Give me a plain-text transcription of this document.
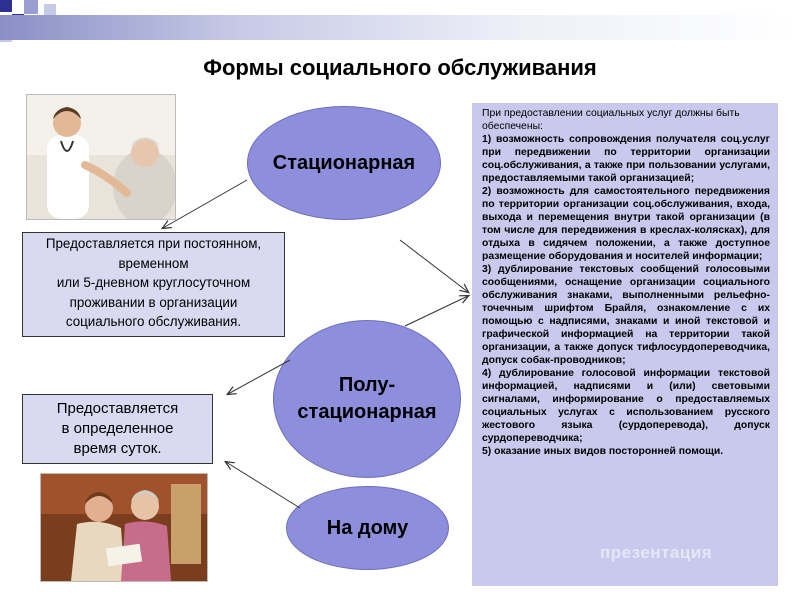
Формы социального обслуживания
Стационарная
Полу-
стационарная
На дому
Предоставляется при постоянном,
временном
или 5-дневном круглосуточном
проживании в организации
социального обслуживания.
Предоставляется
в определенное
время суток.

При предоставлении социальных услуг должны быть обеспечены:

1) возможность сопровождения получателя соц.услуг при передвижении по территории организации соц.обслуживания, а также при пользовании услугами, предоставляемыми такой организацией;

2) возможность для самостоятельного передвижения по территории организации соц.обслуживания, входа, выхода и перемещения внутри такой организации (в том числе для передвижения в креслах-колясках), для отдыха в сидячем положении, а также доступное размещение оборудования и носителей информации;

3) дублирование текстовых сообщений голосовыми сообщениями, оснащение организации социального обслуживания знаками, выполненными рельефно-точечным шрифтом Брайля, ознакомление с их помощью с надписями, знаками и иной текстовой и графической информацией на территории такой организации, а также допуск тифлосурдопереводчика, допуск собак-проводников;

4) дублирование голосовой информации текстовой информацией, надписями и (или) световыми сигналами, информирование о предоставляемых социальных услугах с использованием русского жестового языка (сурдоперевода), допуск сурдопереводчика;

5) оказание иных видов посторонней помощи.

презентация
